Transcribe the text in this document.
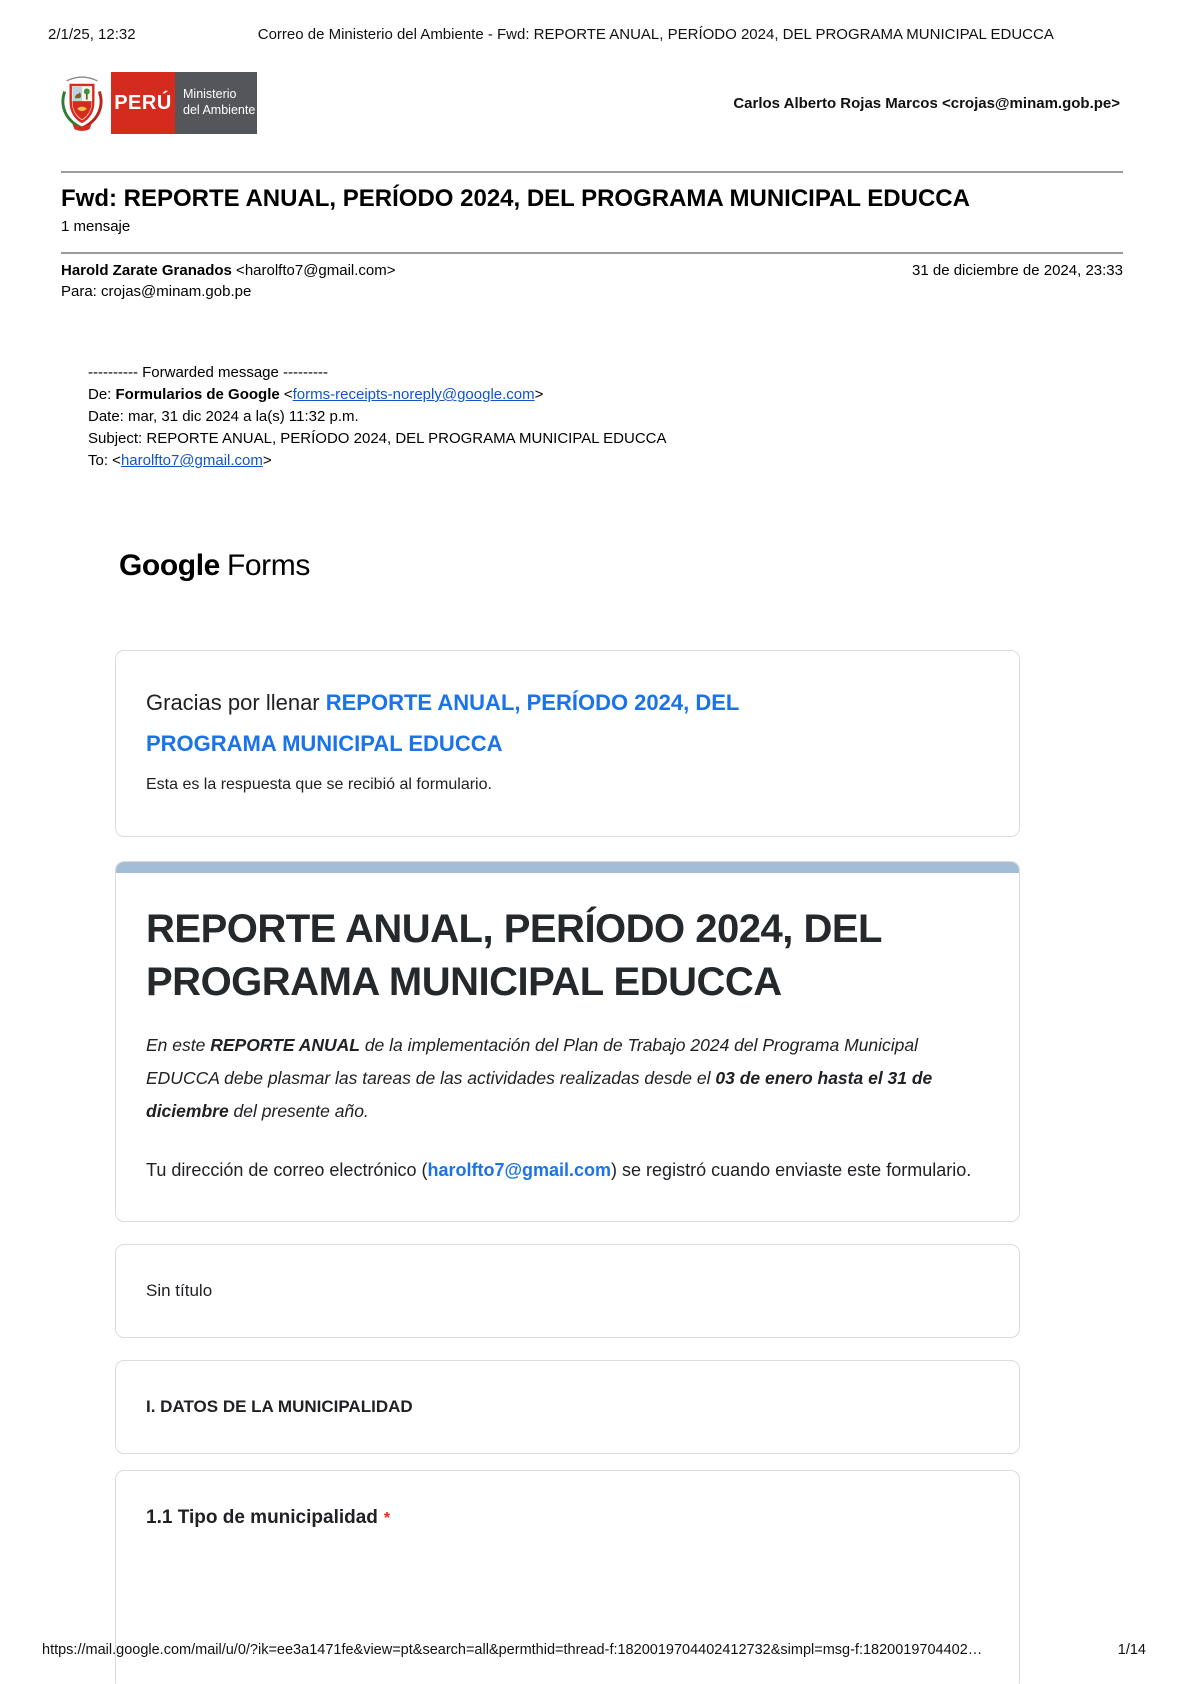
2/1/25, 12:32	Correo de Ministerio del Ambiente - Fwd: REPORTE ANUAL, PERÍODO 2024, DEL PROGRAMA MUNICIPAL EDUCCA
PERÚ Ministerio
del Ambiente	Carlos Alberto Rojas Marcos <crojas@minam.gob.pe>
Fwd: REPORTE ANUAL, PERÍODO 2024, DEL PROGRAMA MUNICIPAL EDUCCA
1 mensaje
Harold Zarate Granados <harolfto7@gmail.com>	31 de diciembre de 2024, 23:33
Para: crojas@minam.gob.pe
---------- Forwarded message ---------
De: Formularios de Google <forms-receipts-noreply@google.com>
Date: mar, 31 dic 2024 a la(s) 11:32 p.m.
Subject: REPORTE ANUAL, PERÍODO 2024, DEL PROGRAMA MUNICIPAL EDUCCA
To: <harolfto7@gmail.com>
Google Forms
Gracias por llenar REPORTE ANUAL, PERÍODO 2024, DEL PROGRAMA MUNICIPAL EDUCCA
Esta es la respuesta que se recibió al formulario.
REPORTE ANUAL, PERÍODO 2024, DEL PROGRAMA MUNICIPAL EDUCCA
En este REPORTE ANUAL de la implementación del Plan de Trabajo 2024 del Programa Municipal EDUCCA debe plasmar las tareas de las actividades realizadas desde el 03 de enero hasta el 31 de diciembre del presente año.
Tu dirección de correo electrónico (harolfto7@gmail.com) se registró cuando enviaste este formulario.
Sin título
I. DATOS DE LA MUNICIPALIDAD
1.1 Tipo de municipalidad *
https://mail.google.com/mail/u/0/?ik=ee3a1471fe&view=pt&search=all&permthid=thread-f:1820019704402412732&simpl=msg-f:1820019704402…	1/14
